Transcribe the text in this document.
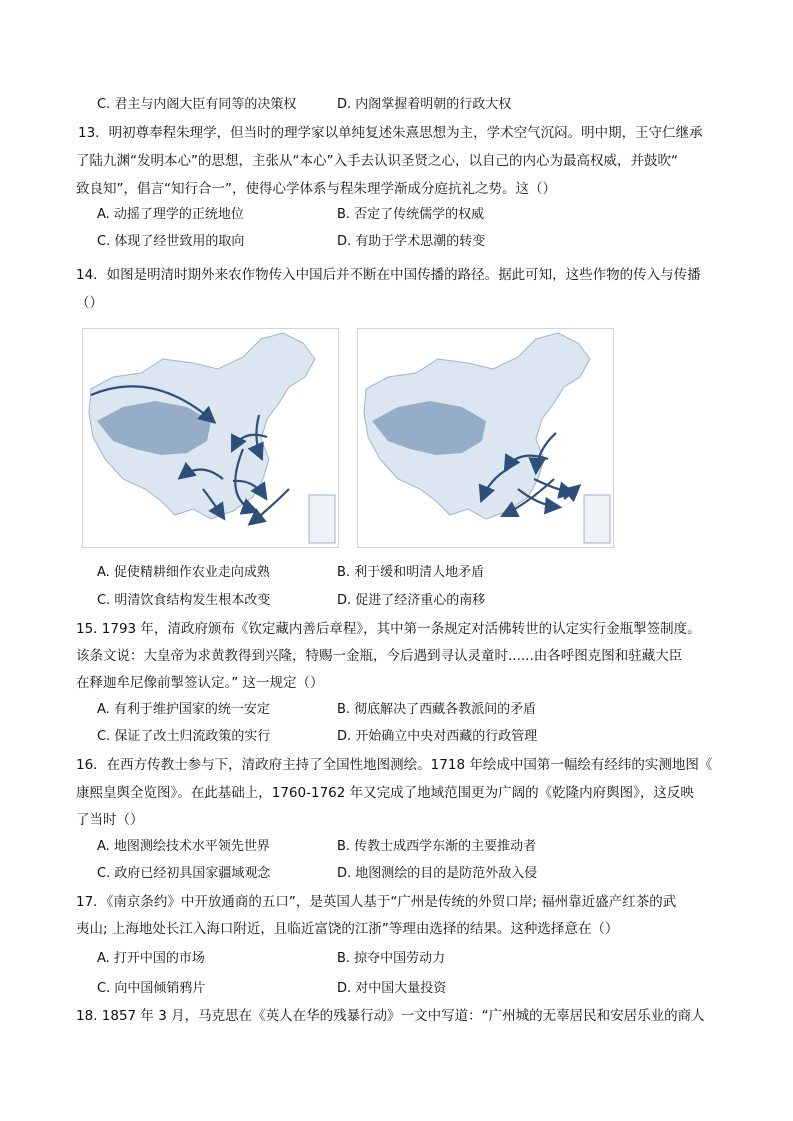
C. 君主与内阁大臣有同等的决策权	D. 内阁掌握着明朝的行政大权
13．明初尊奉程朱理学，但当时的理学家以单纯复述朱熹思想为主，学术空气沉闷。明中期，王守仁继承
了陆九渊“发明本心”的思想，主张从“本心”入手去认识圣贤之心，以自己的内心为最高权威，并鼓吹“
致良知”，倡言“知行合一”，使得心学体系与程朱理学渐成分庭抗礼之势。这（）
A. 动摇了理学的正统地位	B. 否定了传统儒学的权威
C. 体现了经世致用的取向	D. 有助于学术思潮的转变
14．如图是明清时期外来农作物传入中国后并不断在中国传播的路径。据此可知，这些作物的传入与传播
（）
A. 促使精耕细作农业走向成熟	B. 利于缓和明清人地矛盾
C. 明清饮食结构发生根本改变	D. 促进了经济重心的南移
15. 1793 年，清政府颁布《钦定藏内善后章程》，其中第一条规定对活佛转世的认定实行金瓶掣签制度。
该条文说：大皇帝为求黄教得到兴隆，特赐一金瓶，今后遇到寻认灵童时......由各呼图克图和驻藏大臣
在释迦牟尼像前掣签认定。” 这一规定（）
A. 有利于维护国家的统一安定	B. 彻底解决了西藏各教派间的矛盾
C. 保证了改土归流政策的实行	D. 开始确立中央对西藏的行政管理
16．在西方传教士参与下，清政府主持了全国性地图测绘。1718 年绘成中国第一幅绘有经纬的实测地图《
康熙皇舆全览图》。在此基础上，1760-1762 年又完成了地域范围更为广阔的《乾隆内府舆图》，这反映
了当时（）
A. 地图测绘技术水平领先世界	B. 传教士成西学东渐的主要推动者
C. 政府已经初具国家疆域观念	D. 地图测绘的目的是防范外敌入侵
17．《南京条约》中开放通商的五口”，是英国人基于“广州是传统的外贸口岸; 福州靠近盛产红茶的武
夷山; 上海地处长江入海口附近，且临近富饶的江浙”等理由选择的结果。这种选择意在（）
A. 打开中国的市场	B. 掠夺中国劳动力
C. 向中国倾销鸦片	D. 对中国大量投资
18. 1857 年 3 月，马克思在《英人在华的残暴行动》一文中写道：“广州城的无辜居民和安居乐业的商人
